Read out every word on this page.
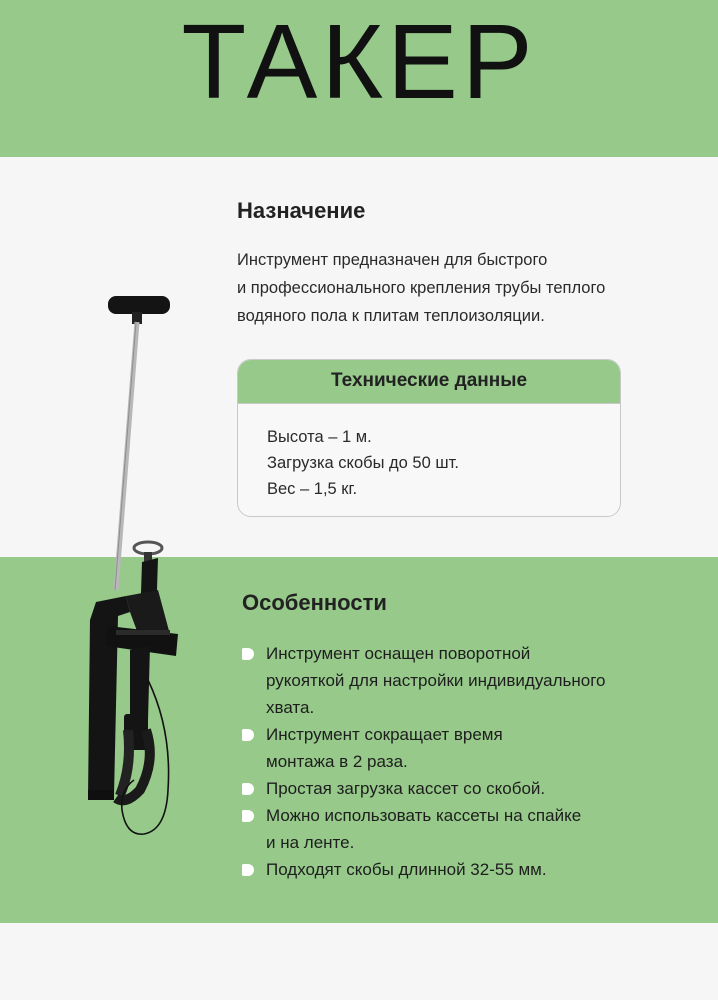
ТАКЕР
Назначение
Инструмент предназначен для быстрого
и профессионального крепления трубы теплого
водяного пола к плитам теплоизоляции.
Технические данные
Высота – 1 м.
Загрузка скобы до 50 шт.
Вес – 1,5 кг.
Особенности
Инструмент оснащен поворотной
рукояткой для настройки индивидуального
хвата.
Инструмент сокращает время
монтажа в 2 раза.
Простая загрузка кассет со скобой.
Можно использовать кассеты на спайке
и на ленте.
Подходят скобы длинной 32-55 мм.
